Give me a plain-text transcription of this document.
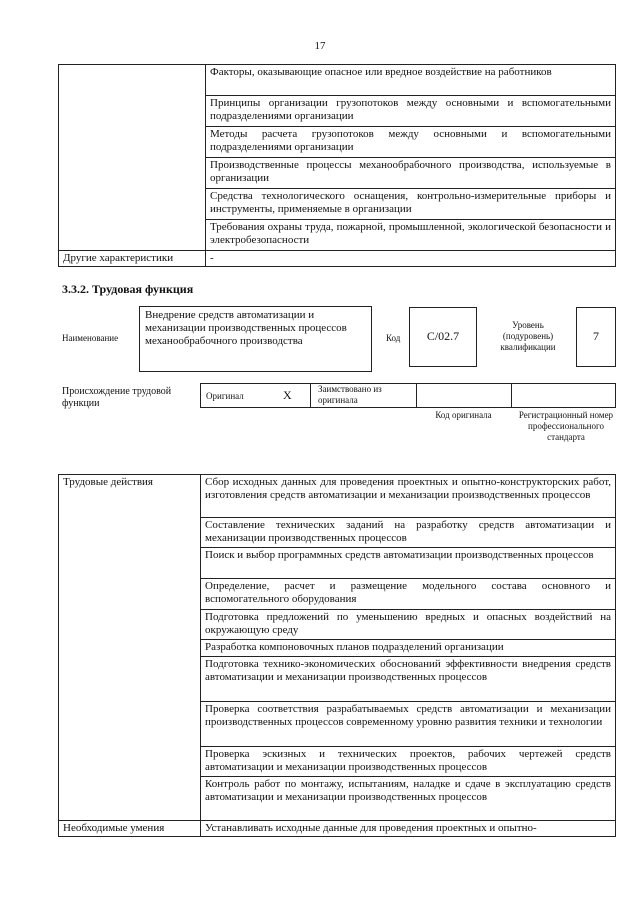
17
	Факторы, оказывающие опасное или вредное воздействие на работников
	Принципы организации грузопотоков между основными и вспомогательными подразделениями организации
	Методы расчета грузопотоков между основными и вспомогательными подразделениями организации
	Производственные процессы механообрабочного производства, используемые в организации
	Средства технологического оснащения, контрольно-измерительные приборы и инструменты, применяемые в организации
	Требования охраны труда, пожарной, промышленной, экологической безопасности и электробезопасности
Другие характеристики	-
3.3.2. Трудовая функция
Наименование
Внедрение средств автоматизации и механизации производственных процессов механообрабочного производства	Код	С/02.7
Уровень (подуровень) квалификации
7
Происхождение трудовой функции
Оригинал	X	Заимствовано из оригинала
Код оригинала	Регистрационный номер профессионального стандарта
Трудовые действия	Сбор исходных данных для проведения проектных и опытно-конструкторских работ, изготовления средств автоматизации и механизации производственных процессов
	Составление технических заданий на разработку средств автоматизации и механизации производственных процессов
	Поиск и выбор программных средств автоматизации производственных процессов
	Определение, расчет и размещение модельного состава основного и вспомогательного оборудования
	Подготовка предложений по уменьшению вредных и опасных воздействий на окружающую среду
	Разработка компоновочных планов подразделений организации
	Подготовка технико-экономических обоснований эффективности внедрения средств автоматизации и механизации производственных процессов
	Проверка соответствия разрабатываемых средств автоматизации и механизации производственных процессов современному уровню развития техники и технологии
	Проверка эскизных и технических проектов, рабочих чертежей средств автоматизации и механизации производственных процессов
	Контроль работ по монтажу, испытаниям, наладке и сдаче в эксплуатацию средств автоматизации и механизации производственных процессов
Необходимые умения	Устанавливать исходные данные для проведения проектных и опытно-
